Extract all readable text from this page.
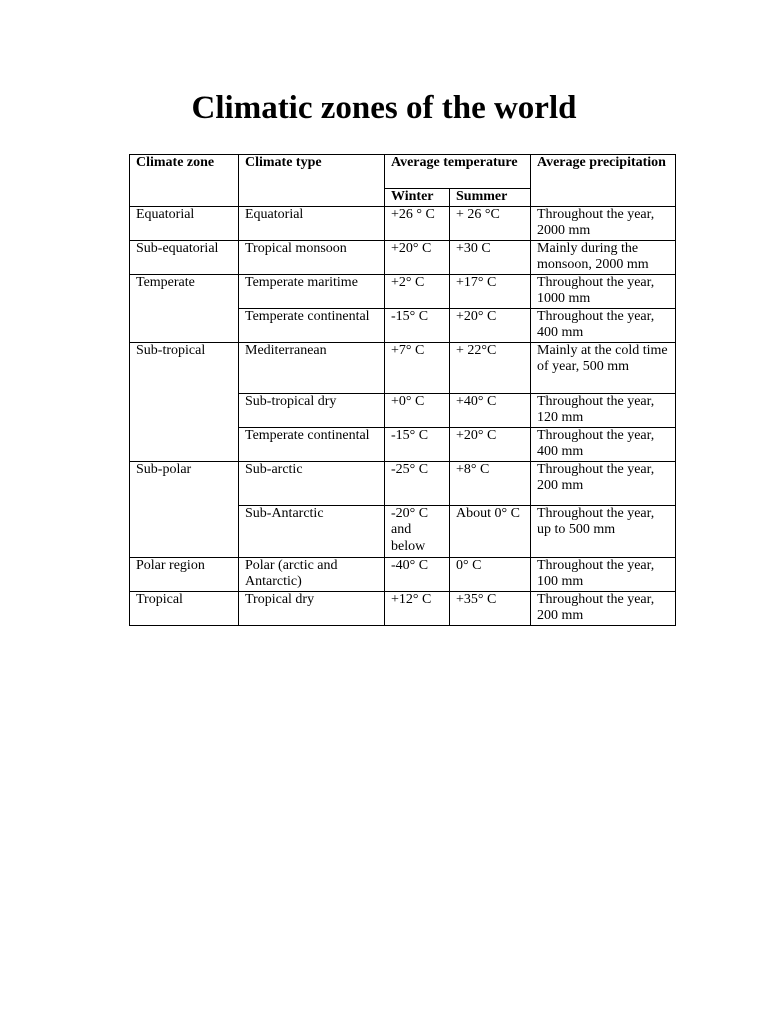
Climatic zones of the world
Climate zone	Climate type	Average temperature		Average precipitation
		Winter	Summer	
Equatorial	Equatorial	+26 ° C	+ 26 °C	Throughout the year, 2000 mm
Sub-equatorial	Tropical monsoon	+20° C	+30 C	Mainly during the monsoon, 2000 mm
Temperate	Temperate maritime	+2° C	+17° C	Throughout the year, 1000 mm
	Temperate continental	-15° C	+20° C	Throughout the year, 400 mm
Sub-tropical	Mediterranean	+7° C	+ 22°C	Mainly at the cold time of year, 500 mm
	Sub-tropical dry	+0° C	+40° C	Throughout the year, 120 mm
	Temperate continental	-15° C	+20° C	Throughout the year, 400 mm
Sub-polar	Sub-arctic	-25° C	+8° C	Throughout the year, 200 mm
	Sub-Antarctic	-20° C and below	About 0° C	Throughout the year, up to 500 mm
Polar region	Polar (arctic and Antarctic)	-40° C	0° C	Throughout the year, 100 mm
Tropical	Tropical dry	+12° C	+35° C	Throughout the year, 200 mm
